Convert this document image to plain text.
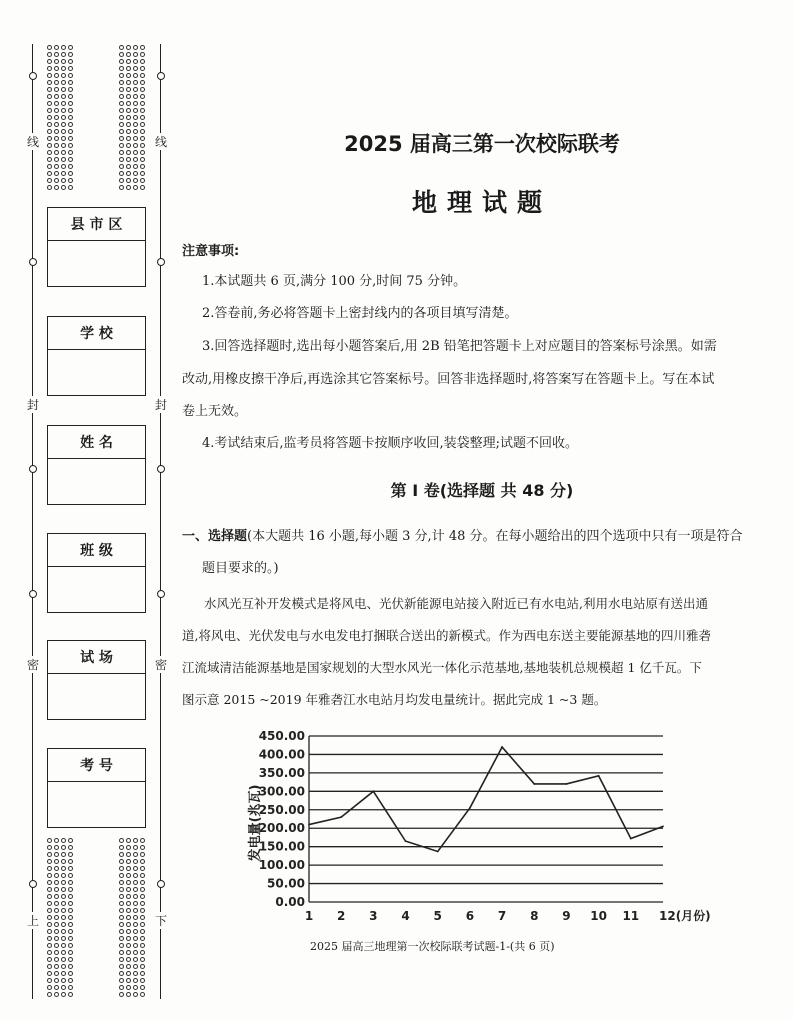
线	线
封	封
密	密
上	下
县 市 区
学 校
姓 名
班 级
试 场
考 号
2025 届高三第一次校际联考
地理试题
注意事项:
1.本试题共 6 页,满分 100 分,时间 75 分钟。
2.答卷前,务必将答题卡上密封线内的各项目填写清楚。
3.回答选择题时,选出每小题答案后,用 2B 铅笔把答题卡上对应题目的答案标号涂黑。如需
改动,用橡皮擦干净后,再选涂其它答案标号。回答非选择题时,将答案写在答题卡上。写在本试
卷上无效。
4.考试结束后,监考员将答题卡按顺序收回,装袋整理;试题不回收。
第 Ⅰ 卷(选择题 共 48 分)
一、选择题(本大题共 16 小题,每小题 3 分,计 48 分。在每小题给出的四个选项中只有一项是符合
题目要求的。)
水风光互补开发模式是将风电、光伏新能源电站接入附近已有水电站,利用水电站原有送出通
道,将风电、光伏发电与水电发电打捆联合送出的新模式。作为西电东送主要能源基地的四川雅砻
江流域清洁能源基地是国家规划的大型水风光一体化示范基地,基地装机总规模超 1 亿千瓦。下
图示意 2015 ~2019 年雅砻江水电站月均发电量统计。据此完成 1 ~3 题。
0.00
50.00
100.00
150.00
200.00
250.00
300.00
350.00
400.00
450.00
1 2 3 4 5 6 7 8 9 10 11 12(月份)
发电量(兆瓦)
2025 届高三地理第一次校际联考试题-1-(共 6 页)
